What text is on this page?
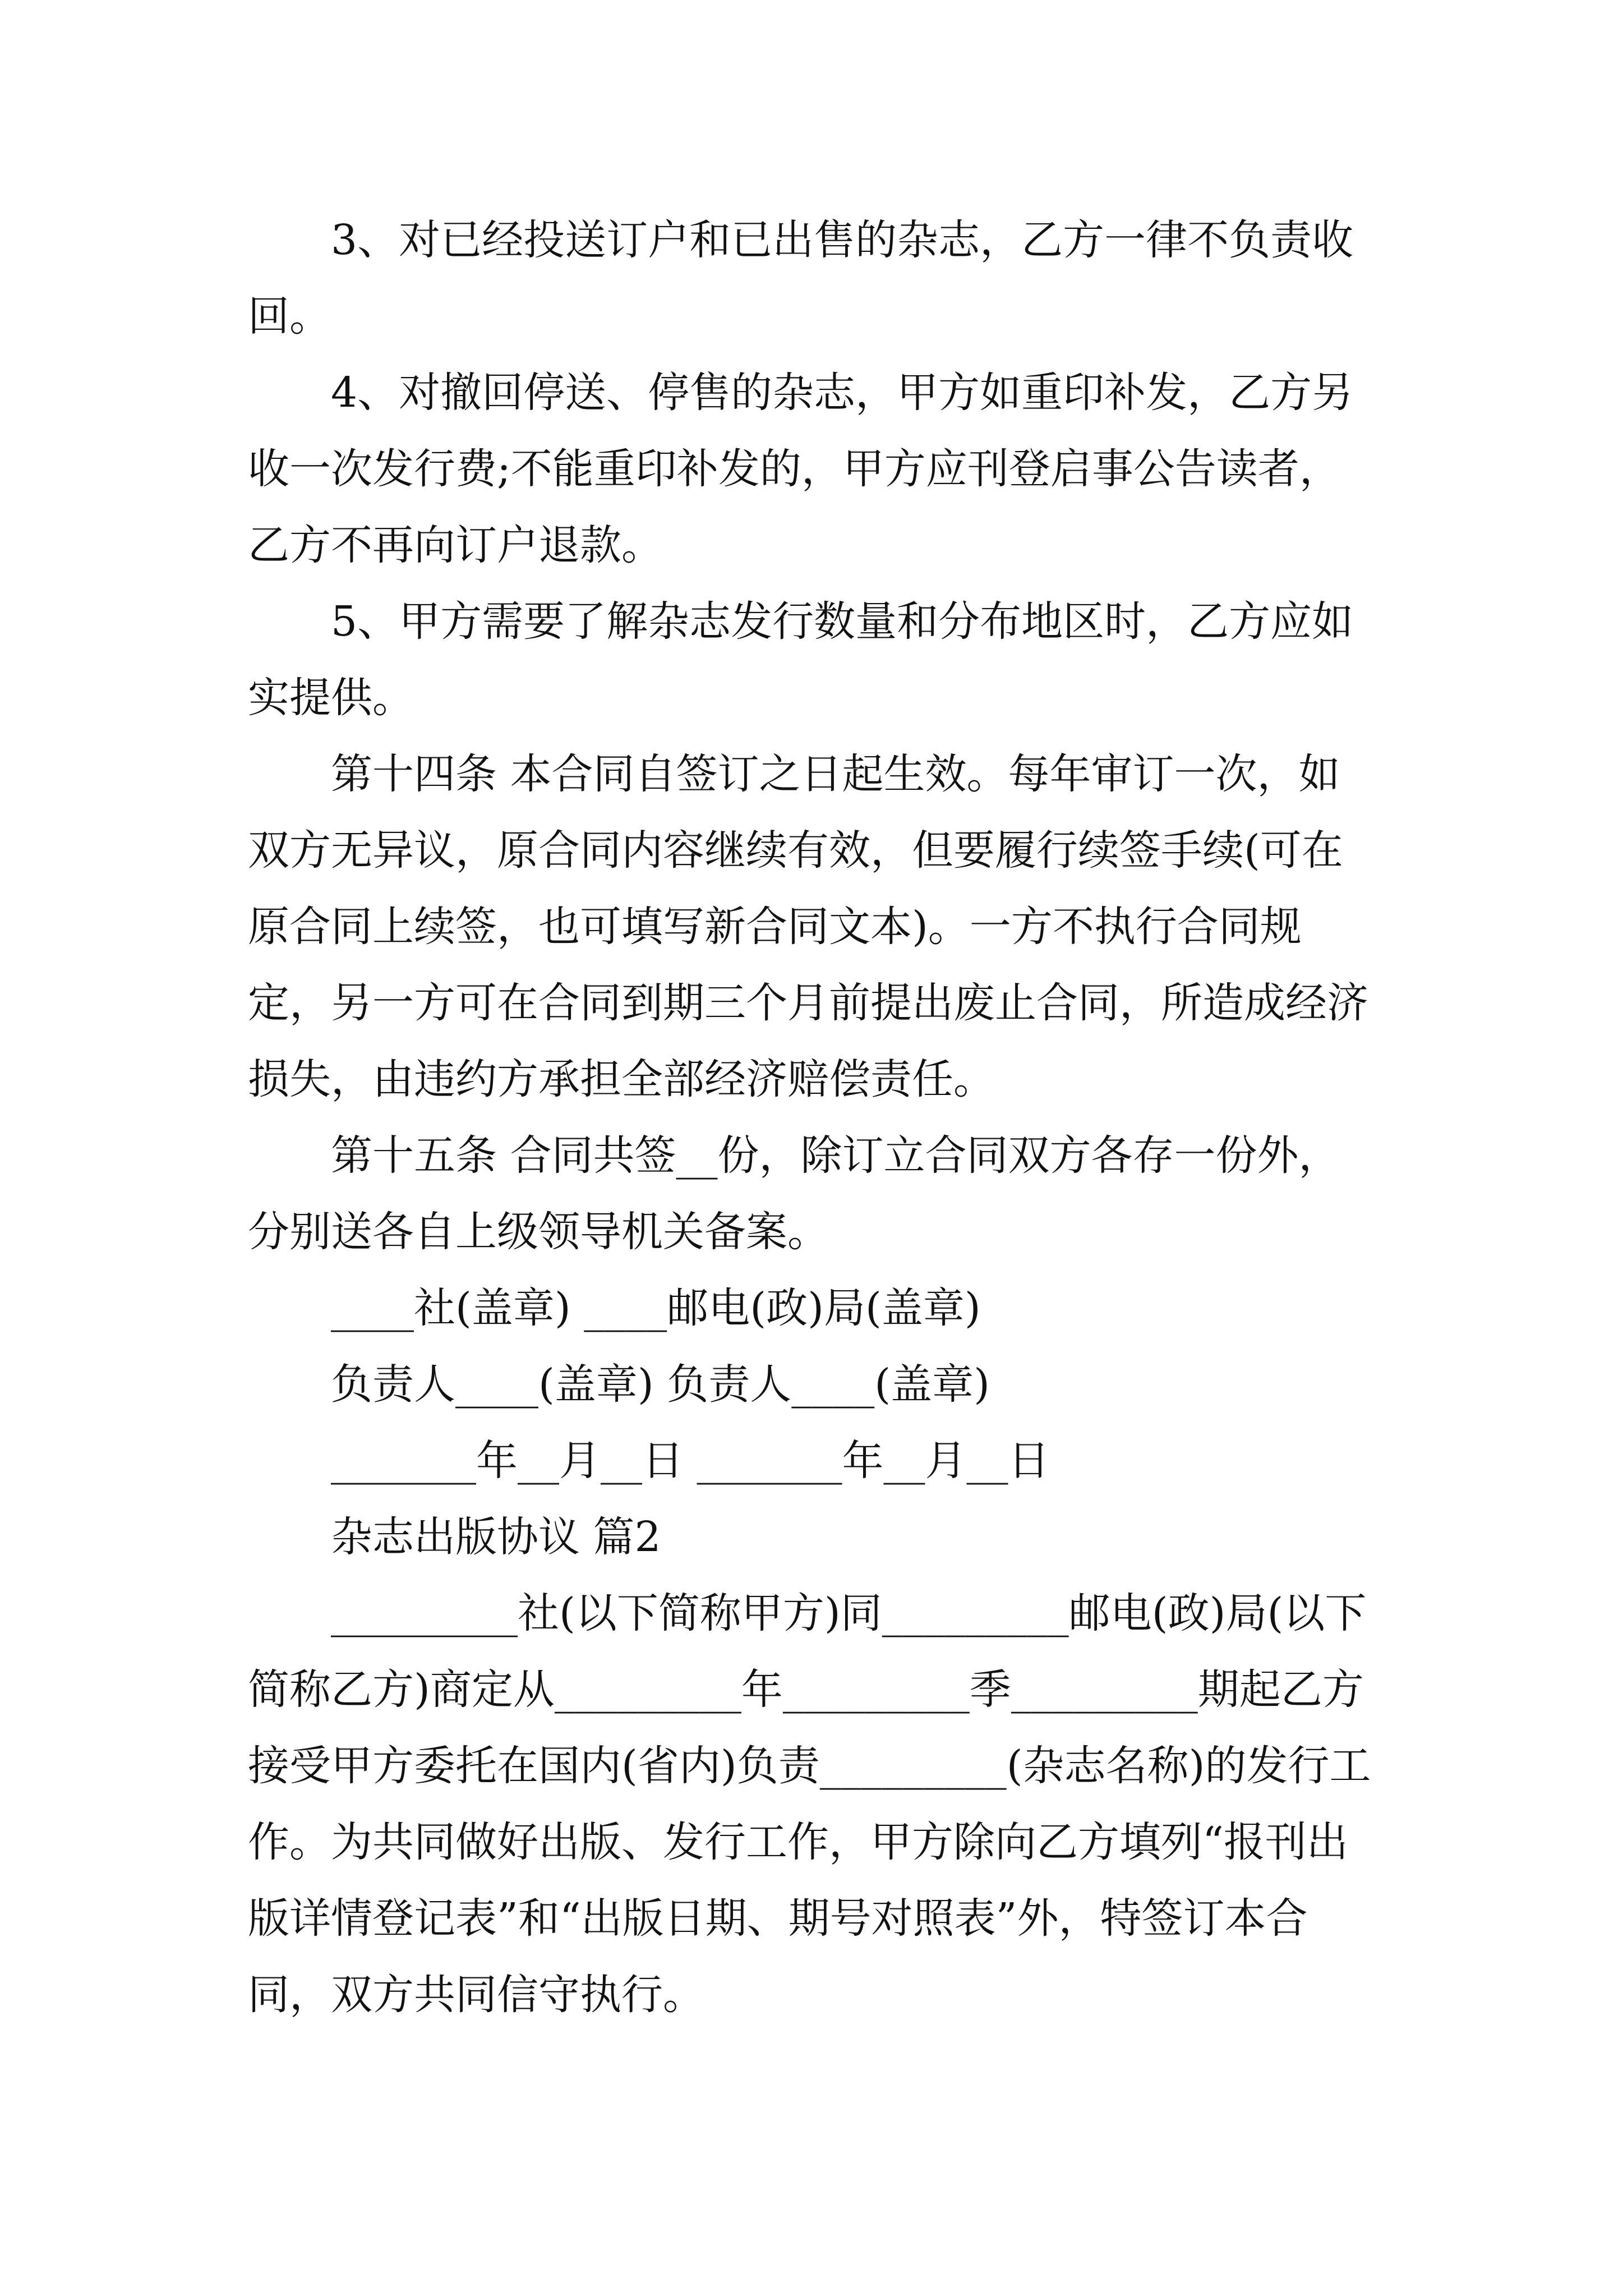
3、对已经投送订户和已出售的杂志，乙方一律不负责收回。

4、对撤回停送、停售的杂志，甲方如重印补发，乙方另收一次发行费;不能重印补发的，甲方应刊登启事公告读者，乙方不再向订户退款。

5、甲方需要了解杂志发行数量和分布地区时，乙方应如实提供。

第十四条 本合同自签订之日起生效。每年审订一次，如双方无异议，原合同内容继续有效，但要履行续签手续(可在原合同上续签，也可填写新合同文本)。一方不执行合同规定，另一方可在合同到期三个月前提出废止合同，所造成经济损失，由违约方承担全部经济赔偿责任。

第十五条 合同共签__份，除订立合同双方各存一份外，分别送各自上级领导机关备案。

____社(盖章) ____邮电(政)局(盖章)

负责人____(盖章) 负责人____(盖章)

_______年__月__日 _______年__月__日

杂志出版协议 篇2

_________社(以下简称甲方)同_________邮电(政)局(以下简称乙方)商定从_________年_________季_________期起乙方接受甲方委托在国内(省内)负责_________(杂志名称)的发行工作。为共同做好出版、发行工作，甲方除向乙方填列“报刊出版详情登记表”和“出版日期、期号对照表”外，特签订本合同，双方共同信守执行。
